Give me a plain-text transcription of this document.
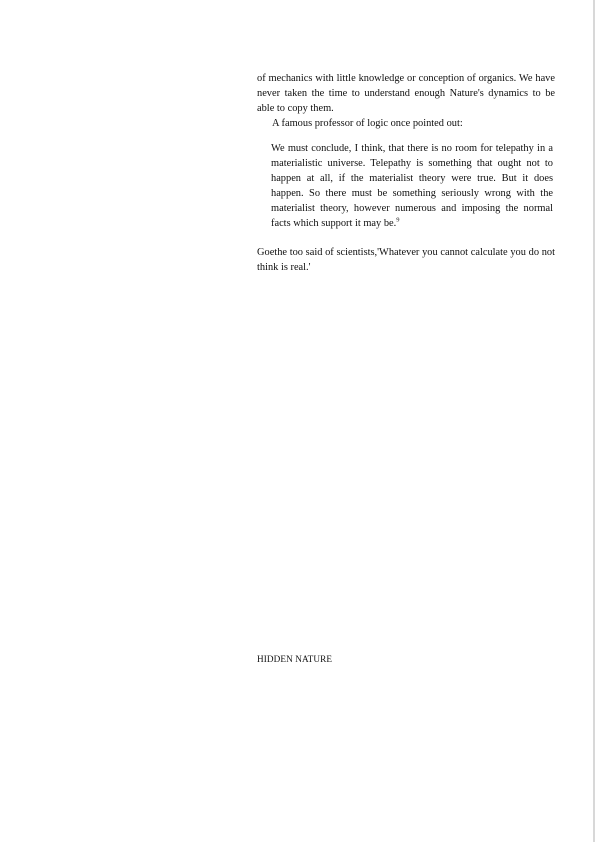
of mechanics with little knowledge or conception of organics. We have never taken the time to understand enough Nature's dynamics to be able to copy them.

A famous professor of logic once pointed out:

We must conclude, I think, that there is no room for telepathy in a materialistic universe. Telepathy is something that ought not to happen at all, if the materialist theory were true. But it does happen. So there must be something seriously wrong with the materialist theory, however numerous and imposing the normal facts which support it may be.$^9$

Goethe too said of scientists,'Whatever you cannot calculate you do not think is real.'

HIDDEN NATURE
